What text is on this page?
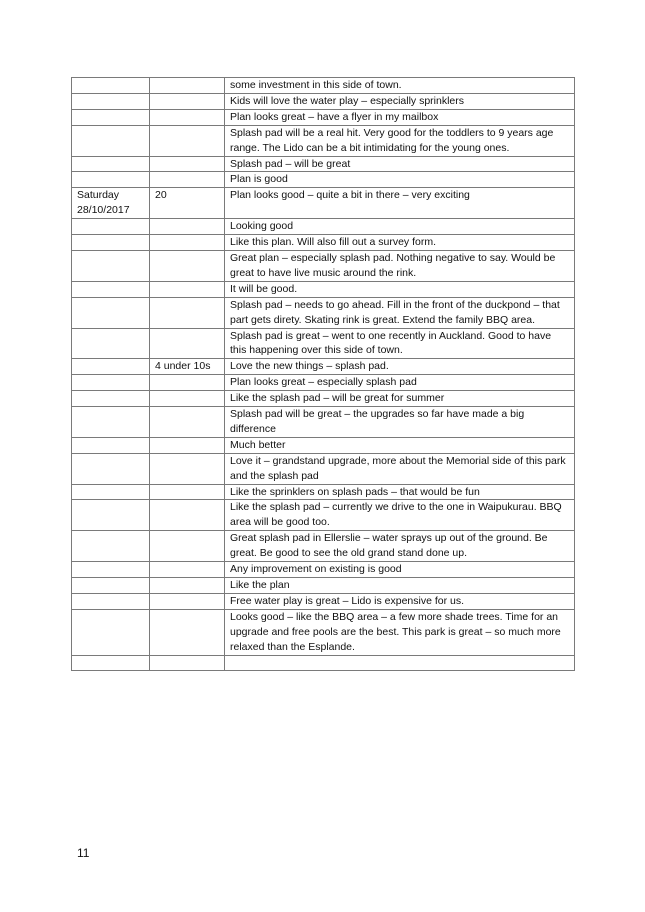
		some investment in this side of town.
		Kids will love the water play – especially sprinklers
		Plan looks great – have a flyer in my mailbox
		Splash pad will be a real hit. Very good for the toddlers to 9 years age range. The Lido can be a bit intimidating for the young ones.
		Splash pad – will be great
		Plan is good
Saturday 28/10/2017	20	Plan looks good – quite a bit in there – very exciting
		Looking good
		Like this plan. Will also fill out a survey form.
		Great plan – especially splash pad. Nothing negative to say. Would be great to have live music around the rink.
		It will be good.
		Splash pad – needs to go ahead. Fill in the front of the duckpond – that part gets direty. Skating rink is great. Extend the family BBQ area.
		Splash pad is great – went to one recently in Auckland. Good to have this happening over this side of town.
	4 under 10s	Love the new things – splash pad.
		Plan looks great – especially splash pad
		Like the splash pad – will be great for summer
		Splash pad will be great – the upgrades so far have made a big difference
		Much better
		Love it – grandstand upgrade, more about the Memorial side of this park and the splash pad
		Like the sprinklers on splash pads – that would be fun
		Like the splash pad – currently we drive to the one in Waipukurau. BBQ area will be good too.
		Great splash pad in Ellerslie – water sprays up out of the ground. Be great. Be good to see the old grand stand done up.
		Any improvement on existing is good
		Like the plan
		Free water play is great – Lido is expensive for us.
		Looks good – like the BBQ area – a few more shade trees. Time for an upgrade and free pools are the best. This park is great – so much more relaxed than the Esplande.

11
